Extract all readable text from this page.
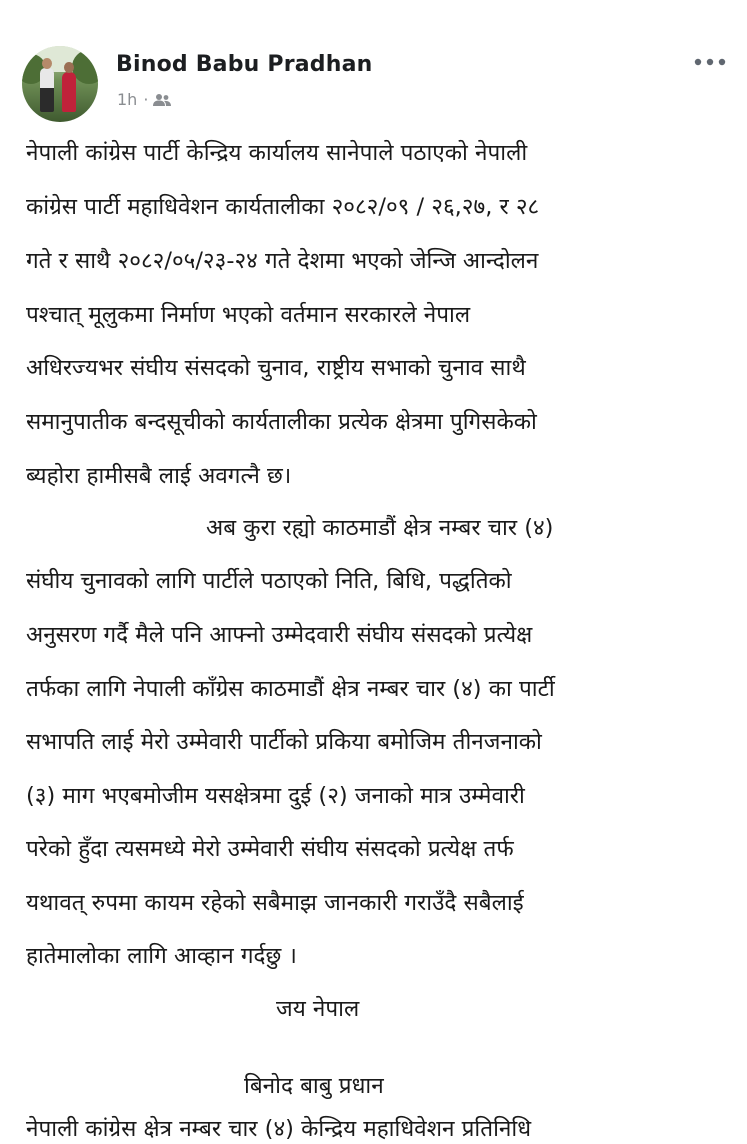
Binod Babu Pradhan
1h ·
नेपाली कांग्रेस पार्टी केन्द्रिय कार्यालय सानेपाले पठाएको नेपाली
कांग्रेस पार्टी महाधिवेशन कार्यतालीका २०८२/०९ / २६,२७, र २८
गते र साथै २०८२/०५/२३-२४ गते देशमा भएको जेन्जि आन्दोलन
पश्चात् मूलुकमा निर्माण भएको वर्तमान सरकारले नेपाल
अधिरज्यभर संघीय संसदको चुनाव, राष्ट्रीय सभाको चुनाव साथै
समानुपातीक बन्दसूचीको कार्यतालीका प्रत्येक क्षेत्रमा पुगिसकेको
ब्यहोरा हामीसबै लाई अवगत्नै छ।
अब कुरा रह्यो काठमाडौं क्षेत्र नम्बर चार (४)
संघीय चुनावको लागि पार्टीले पठाएको निति, बिधि, पद्धतिको
अनुसरण गर्दै मैले पनि आफ्नो उम्मेदवारी संघीय संसदको प्रत्येक्ष
तर्फका लागि नेपाली काँग्रेस काठमाडौं क्षेत्र नम्बर चार (४) का पार्टी
सभापति लाई मेरो उम्मेवारी पार्टीको प्रकिया बमोजिम तीनजनाको
(३) माग भएबमोजीम यसक्षेत्रमा दुई (२) जनाको मात्र उम्मेवारी
परेको हुँदा त्यसमध्ये मेरो उम्मेवारी संघीय संसदको प्रत्येक्ष तर्फ
यथावत् रुपमा कायम रहेको सबैमाझ जानकारी गराउँदै सबैलाई
हातेमालोका लागि आव्हान गर्दछु ।
जय नेपाल
बिनोद बाबु प्रधान
नेपाली कांग्रेस क्षेत्र नम्बर चार (४) केन्द्रिय महाधिवेशन प्रतिनिधि
